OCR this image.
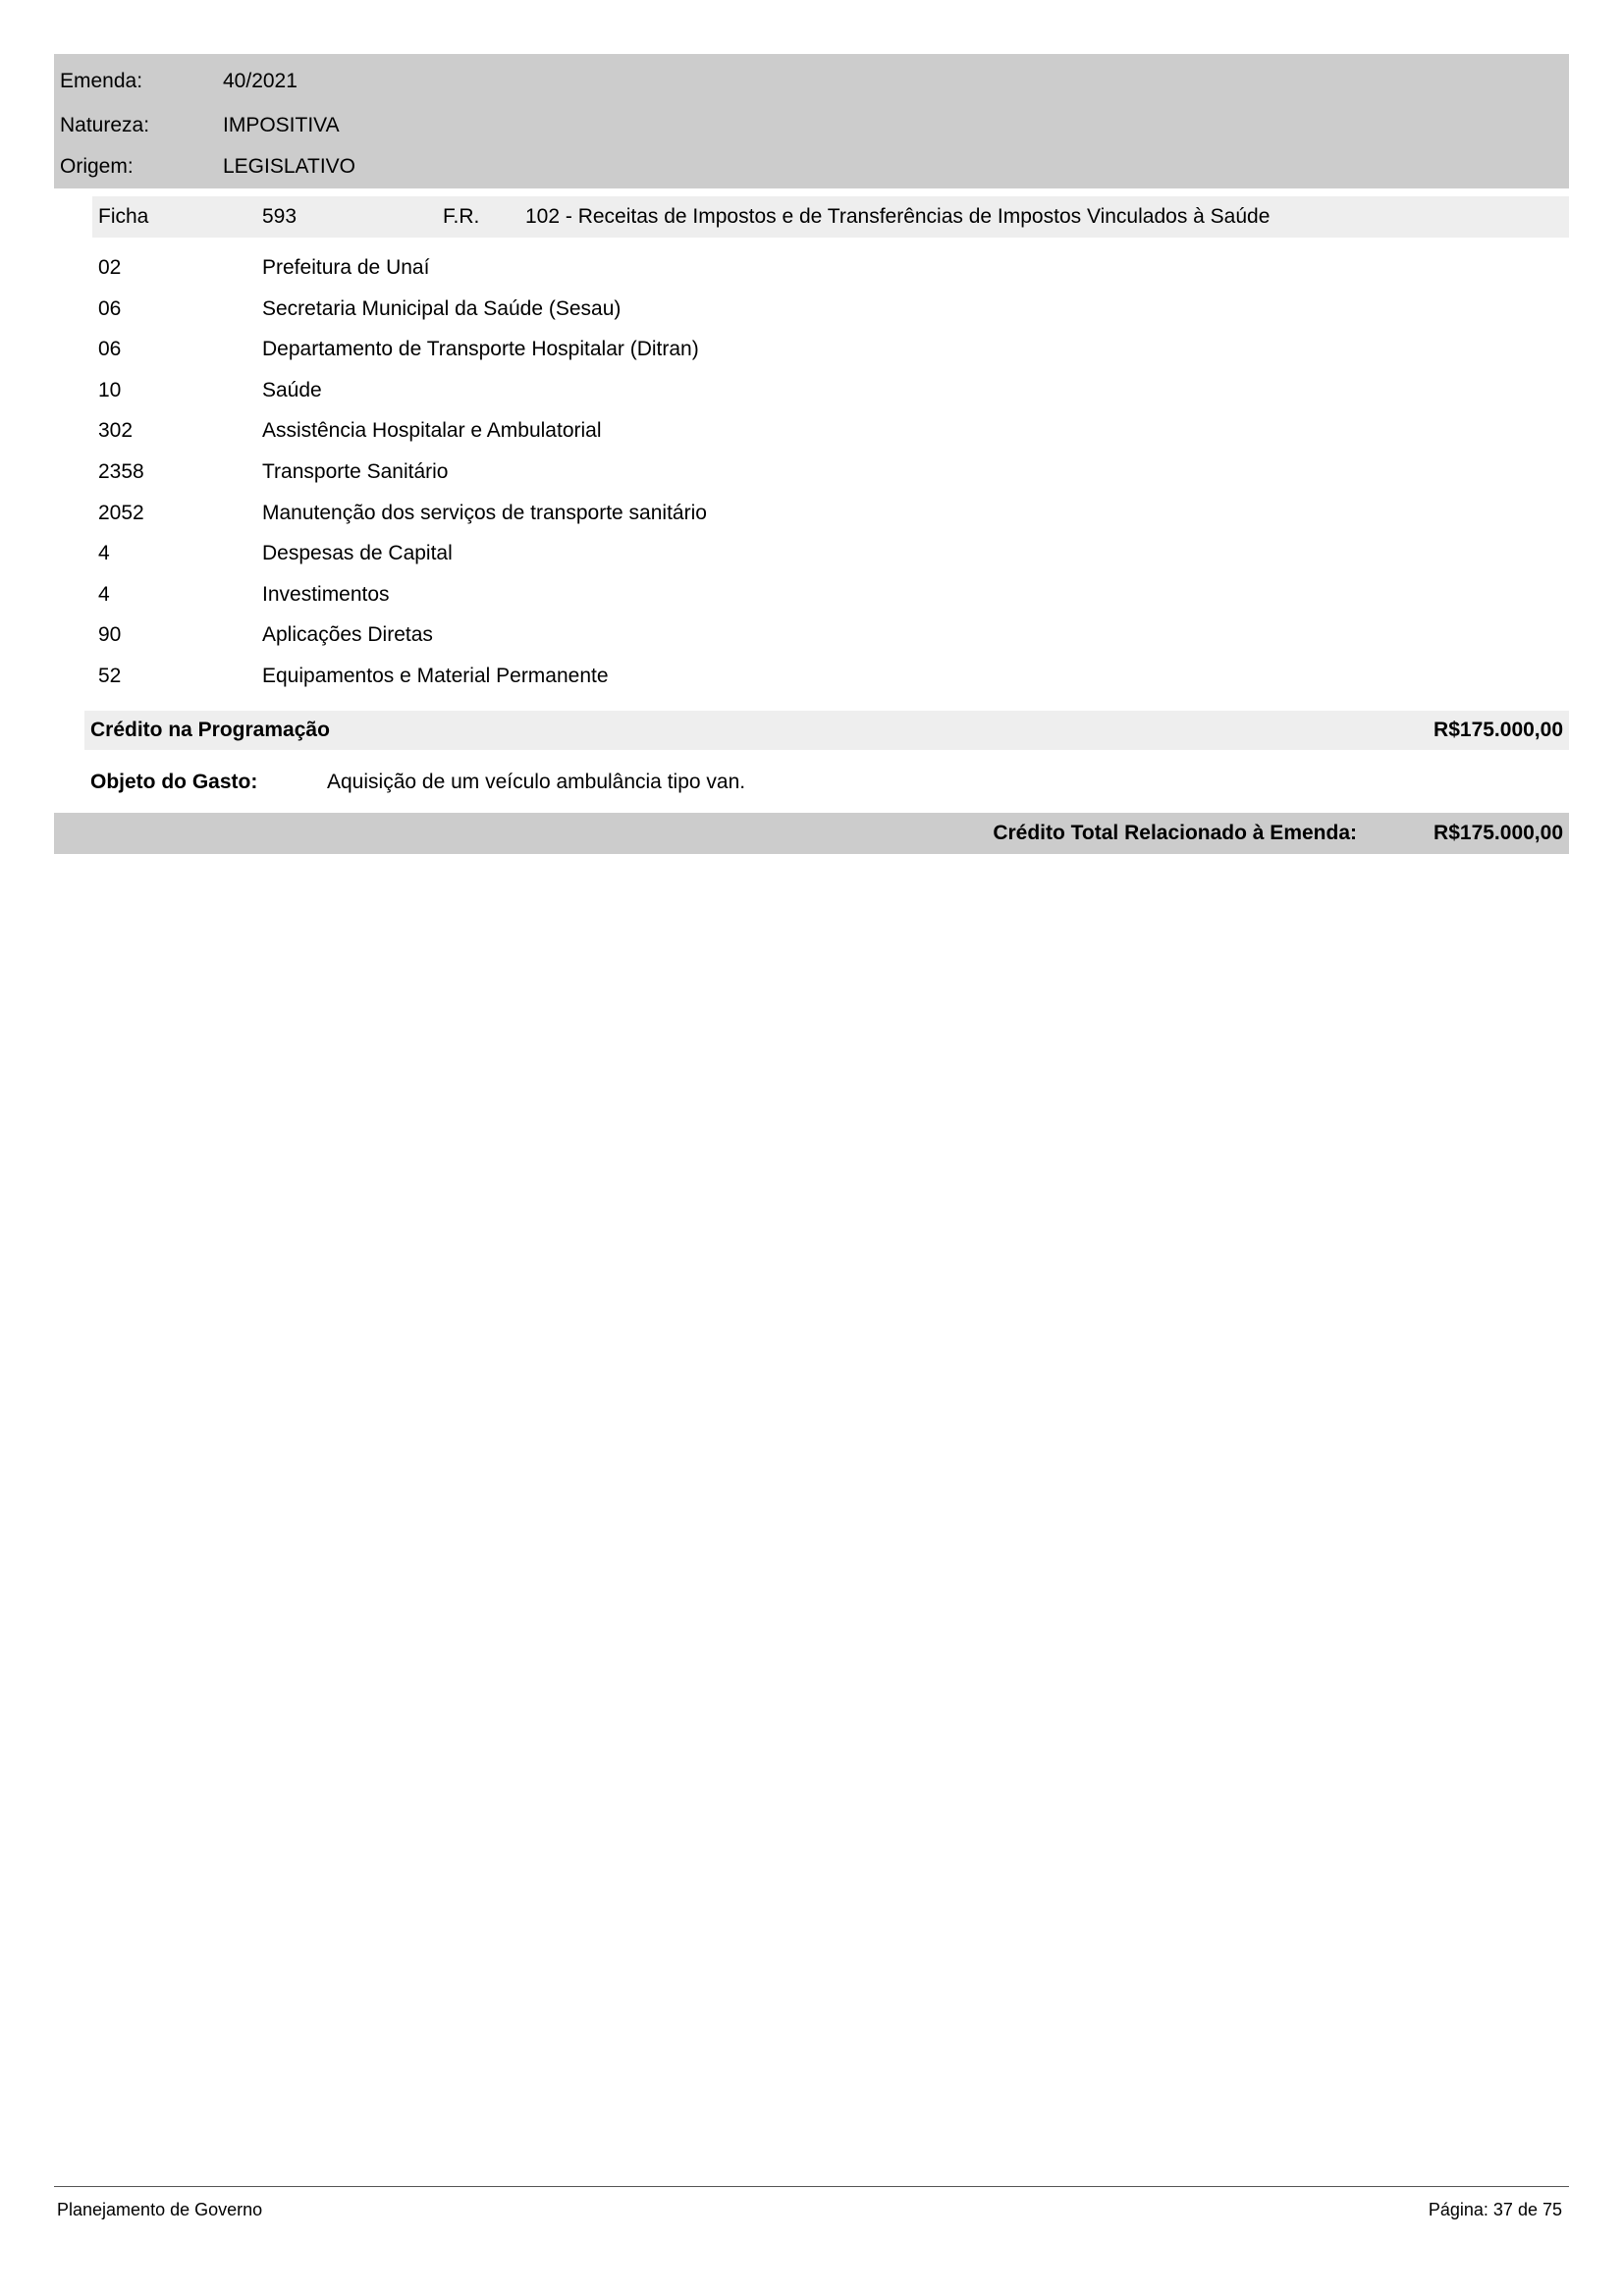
Emenda:	40/2021
Natureza:	IMPOSITIVA
Origem:	LEGISLATIVO
Ficha	593	F.R. 102 - Receitas de Impostos e de Transferências de Impostos Vinculados à Saúde
02	Prefeitura de Unaí
06	Secretaria Municipal da Saúde (Sesau)
06	Departamento de Transporte Hospitalar (Ditran)
10	Saúde
302	Assistência Hospitalar e Ambulatorial
2358	Transporte Sanitário
2052	Manutenção dos serviços de transporte sanitário
4	Despesas de Capital
4	Investimentos
90	Aplicações Diretas
52	Equipamentos e Material Permanente
Crédito na Programação	R$175.000,00
Objeto do Gasto:	Aquisição de um veículo ambulância tipo van.
Crédito Total Relacionado à Emenda:	R$175.000,00
Planejamento de Governo	Página: 37 de 75
